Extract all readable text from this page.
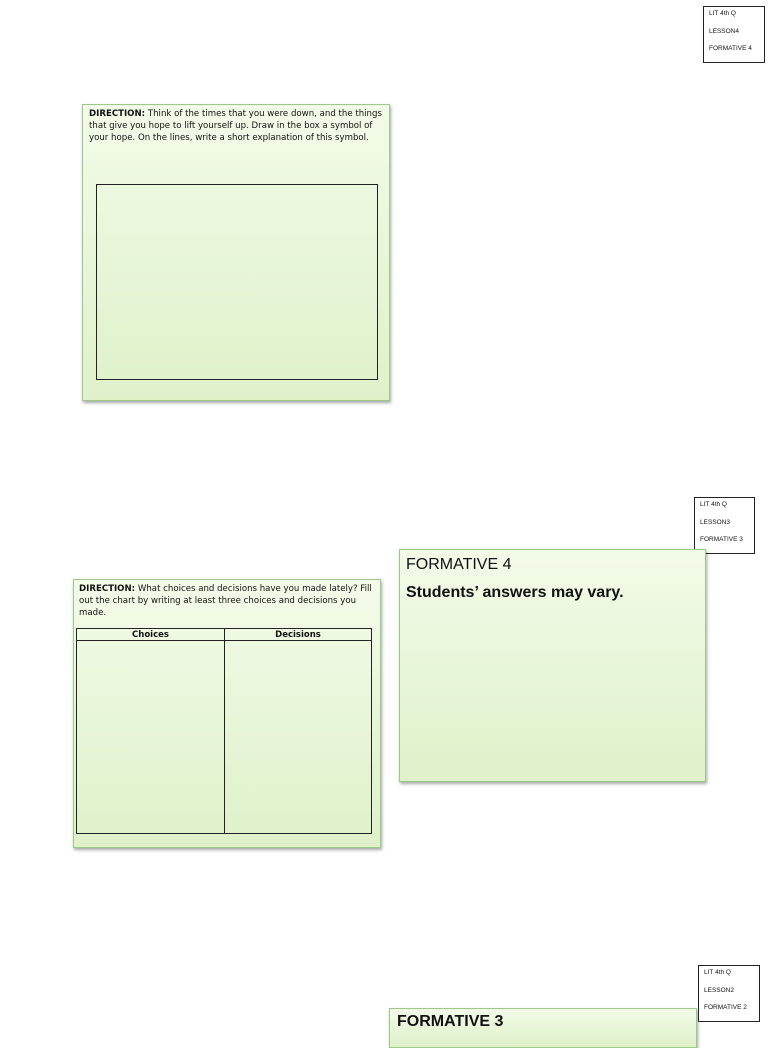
LIT 4th Q
LESSON4
FORMATIVE 4

DIRECTION: Think of the times that you were down, and the things that give you hope to lift yourself up. Draw in the box a symbol of your hope. On the lines, write a short explanation of this symbol.

LIT 4th Q
LESSON3
FORMATIVE 3
FORMATIVE 4

Students’ answers may vary.

DIRECTION: What choices and decisions have you made lately? Fill out the chart by writing at least three choices and decisions you made.

Choices	Decisions

FORMATIVE 3
LIT 4th Q
LESSON2
FORMATIVE 2
